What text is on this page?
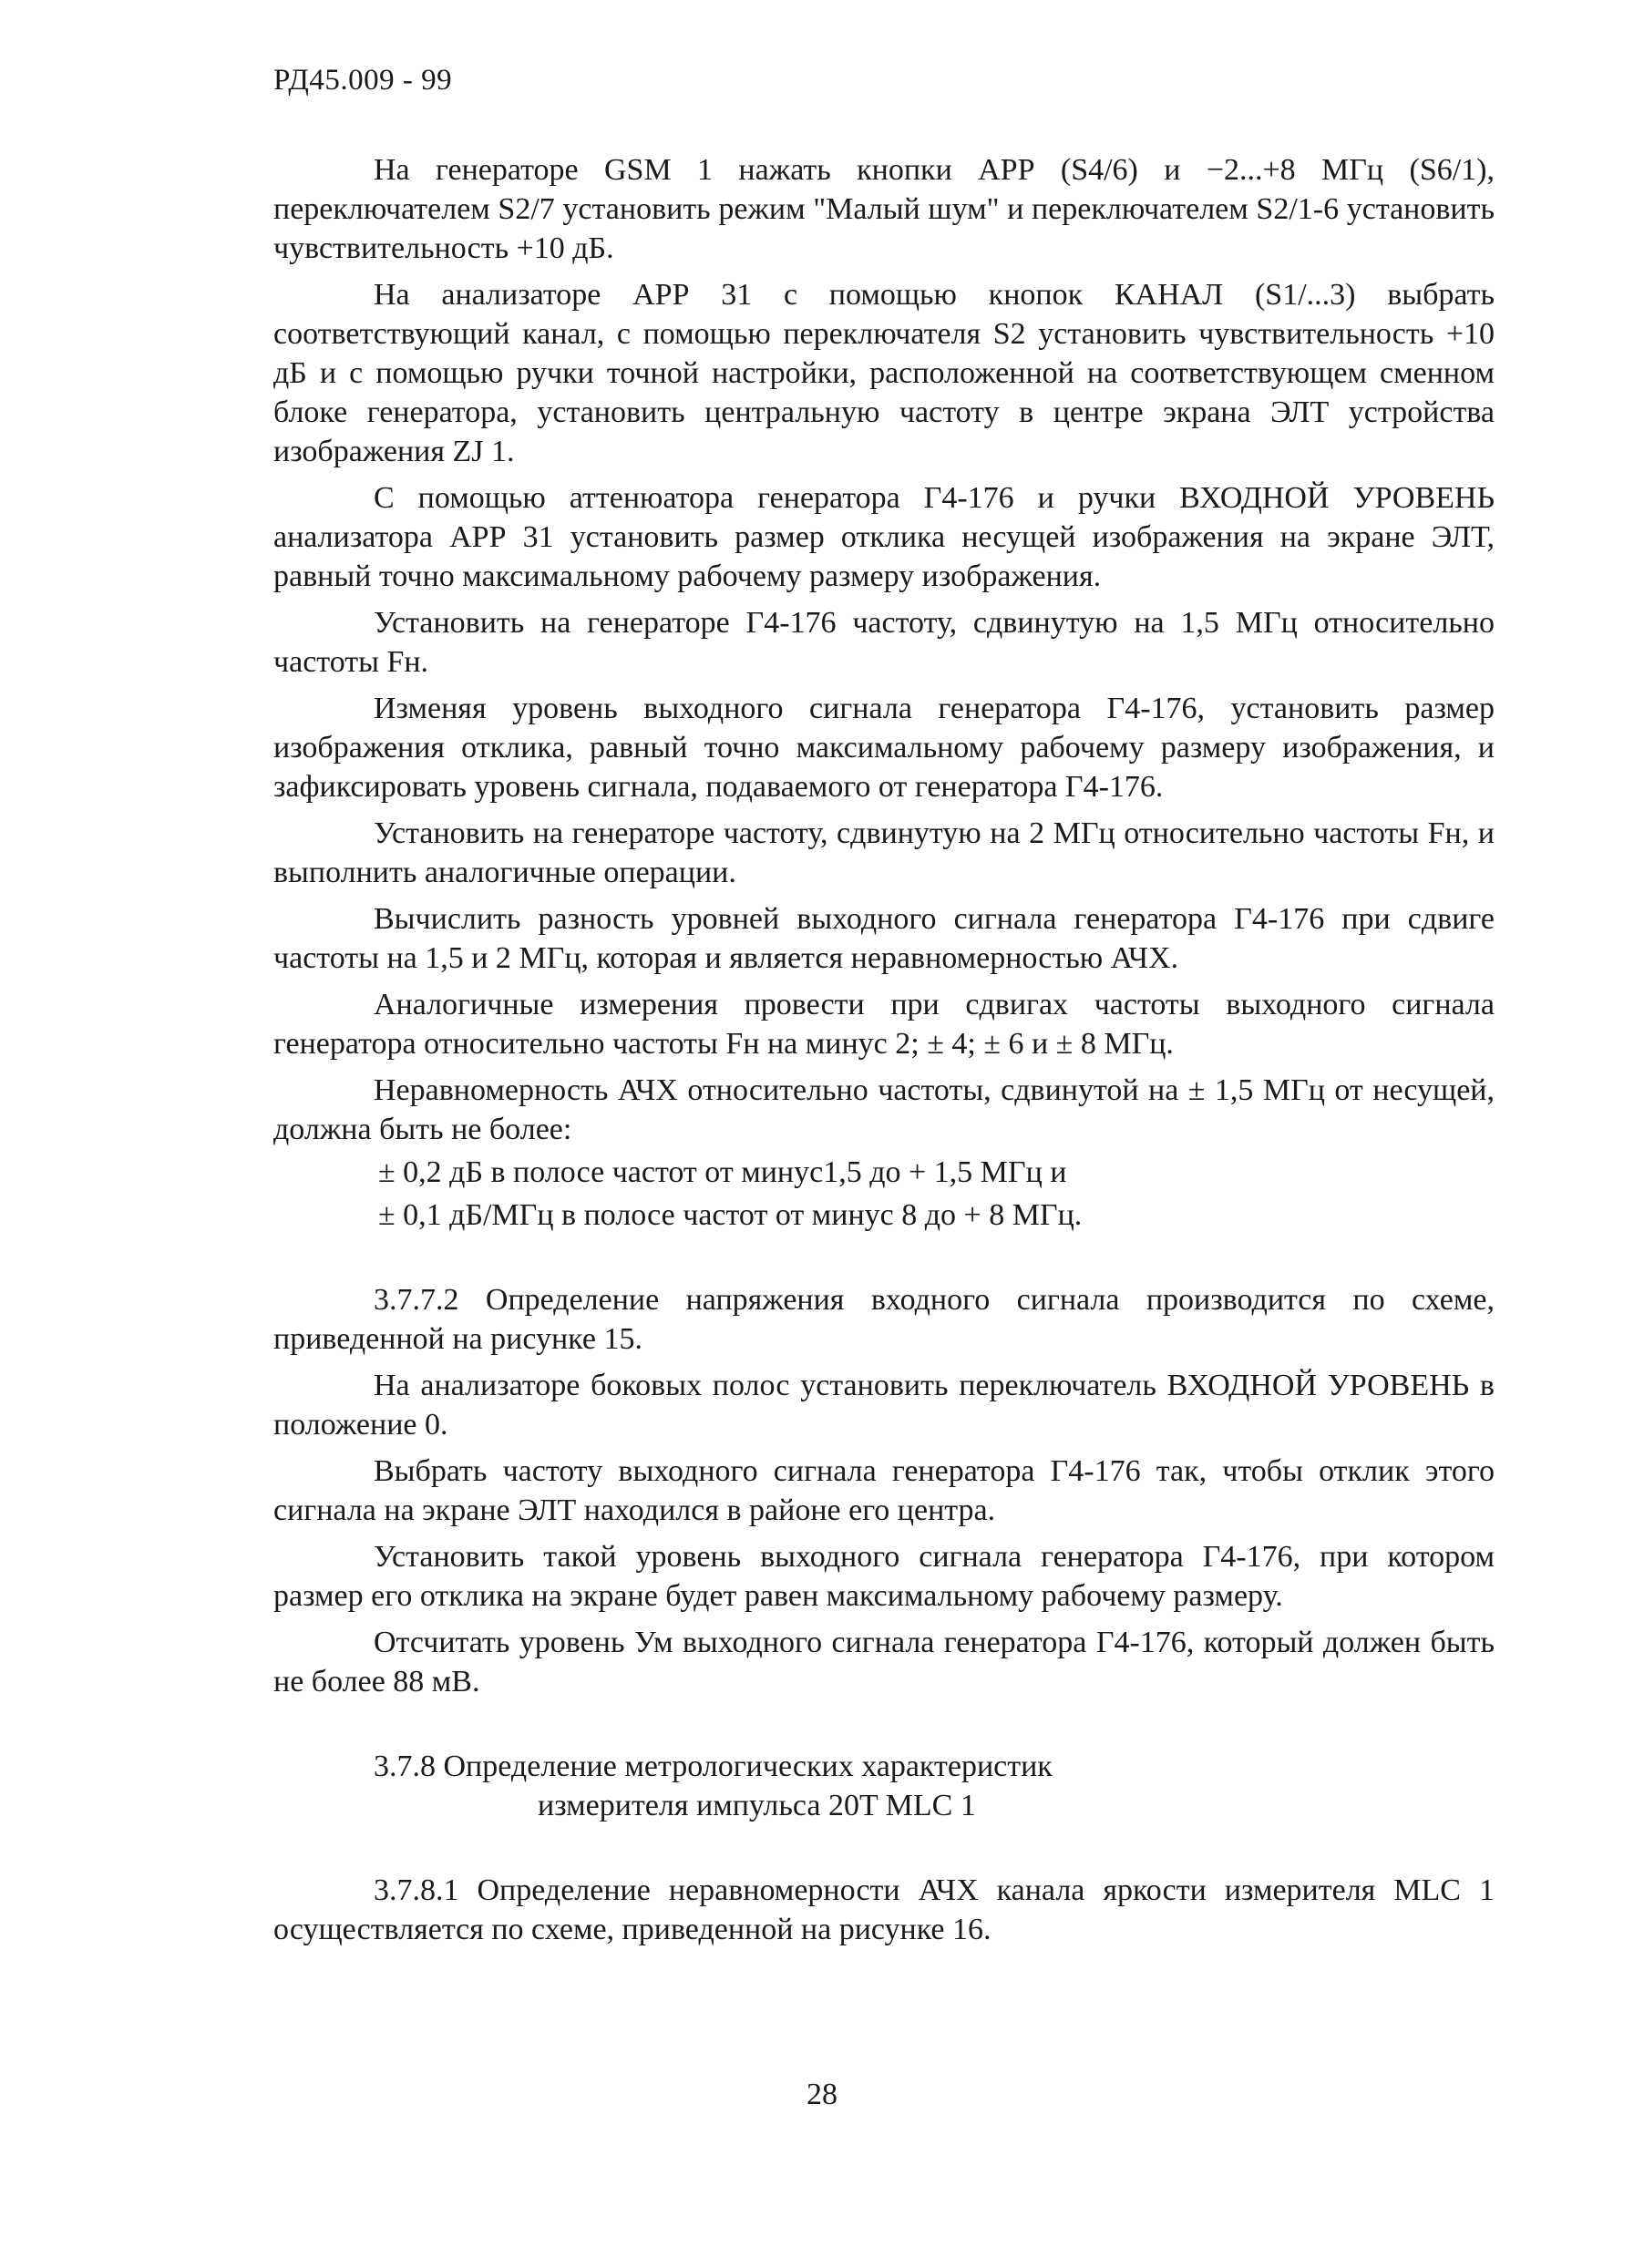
РД45.009 - 99

На генераторе GSM 1 нажать кнопки АРР (S4/6) и −2...+8 МГц (S6/1), переключателем S2/7 установить режим "Малый шум" и переключателем S2/1-6 установить чувствительность +10 дБ.

На анализаторе АРР 31 с помощью кнопок КАНАЛ (S1/...3) выбрать соответствующий канал, с помощью переключателя S2 установить чувствительность +10 дБ и с помощью ручки точной настройки, расположенной на соответствующем сменном блоке генератора, установить центральную частоту в центре экрана ЭЛТ устройства изображения ZJ 1.

С помощью аттенюатора генератора Г4-176 и ручки ВХОДНОЙ УРОВЕНЬ анализатора АРР 31 установить размер отклика несущей изображения на экране ЭЛТ, равный точно максимальному рабочему размеру изображения.

Установить на генераторе Г4-176 частоту, сдвинутую на 1,5 МГц относительно частоты Fн.

Изменяя уровень выходного сигнала генератора Г4-176, установить размер изображения отклика, равный точно максимальному рабочему размеру изображения, и зафиксировать уровень сигнала, подаваемого от генератора Г4-176.

Установить на генераторе частоту, сдвинутую на 2 МГц относительно частоты Fн, и выполнить аналогичные операции.

Вычислить разность уровней выходного сигнала генератора Г4-176 при сдвиге частоты на 1,5 и 2 МГц, которая и является неравномерностью АЧХ.

Аналогичные измерения провести при сдвигах частоты выходного сигнала генератора относительно частоты Fн на минус 2; ± 4; ± 6 и ± 8 МГц.

Неравномерность АЧХ относительно частоты, сдвинутой на ± 1,5 МГц от несущей, должна быть не более:

± 0,2 дБ в полосе частот от минус1,5 до + 1,5 МГц и

± 0,1 дБ/МГц в полосе частот от минус 8 до + 8 МГц.

3.7.7.2 Определение напряжения входного сигнала производится по схеме, приведенной на рисунке 15.

На анализаторе боковых полос установить переключатель ВХОДНОЙ УРОВЕНЬ в положение 0.

Выбрать частоту выходного сигнала генератора Г4-176 так, чтобы отклик этого сигнала на экране ЭЛТ находился в районе его центра.

Установить такой уровень выходного сигнала генератора Г4-176, при котором размер его отклика на экране будет равен максимальному рабочему размеру.

Отсчитать уровень Ум выходного сигнала генератора Г4-176, который должен быть не более 88 мВ.

3.7.8 Определение метрологических характеристик
измерителя импульса 20T MLC 1

3.7.8.1 Определение неравномерности АЧХ канала яркости измерителя MLC 1 осуществляется по схеме, приведенной на рисунке 16.

28
